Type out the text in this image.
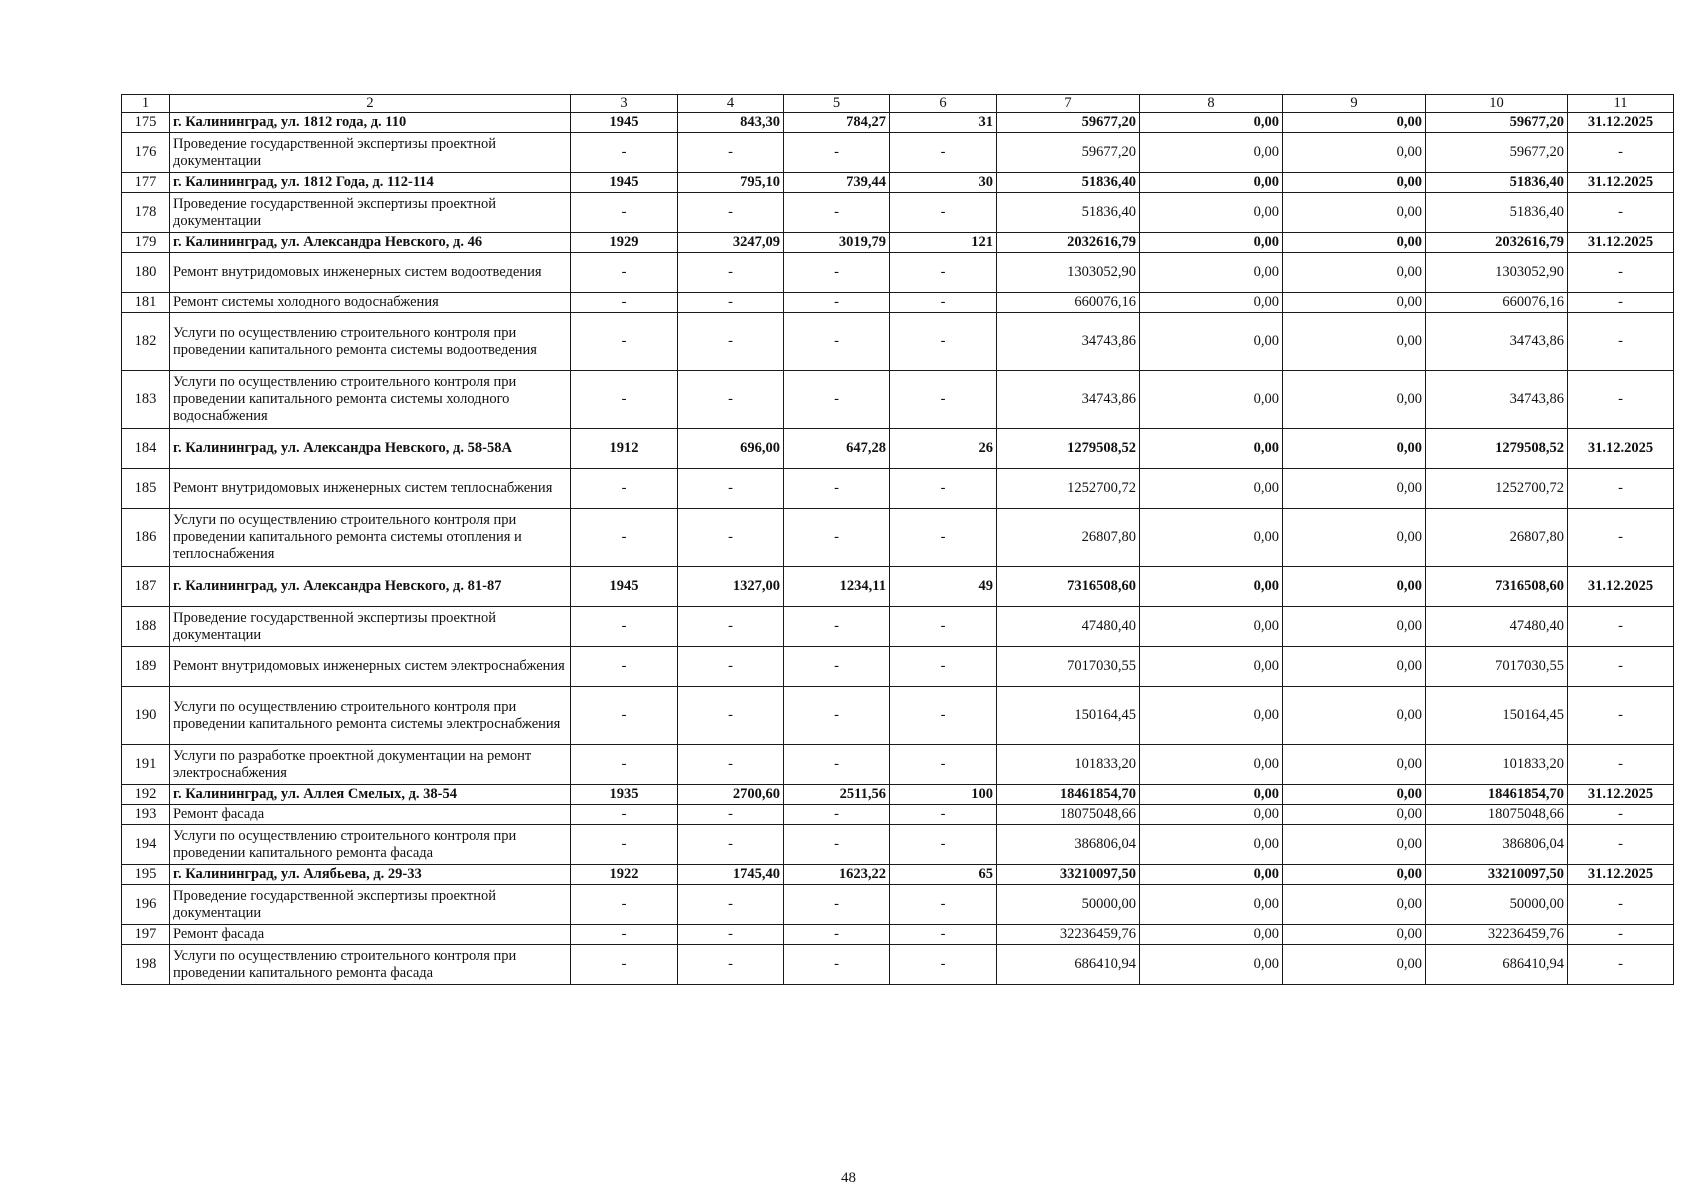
1	2	3	4	5	6	7	8	9	10	11
175	г. Калининград, ул. 1812 года, д. 110	1945	843,30	784,27	31	59677,20	0,00	0,00	59677,20	31.12.2025
176	Проведение государственной экспертизы проектной документации	-	-	-	-	59677,20	0,00	0,00	59677,20	-
177	г. Калининград, ул. 1812 Года, д. 112-114	1945	795,10	739,44	30	51836,40	0,00	0,00	51836,40	31.12.2025
178	Проведение государственной экспертизы проектной документации	-	-	-	-	51836,40	0,00	0,00	51836,40	-
179	г. Калининград, ул. Александра Невского, д. 46	1929	3247,09	3019,79	121	2032616,79	0,00	0,00	2032616,79	31.12.2025
180	Ремонт внутридомовых инженерных систем водоотведения	-	-	-	-	1303052,90	0,00	0,00	1303052,90	-
181	Ремонт системы холодного водоснабжения	-	-	-	-	660076,16	0,00	0,00	660076,16	-
182	Услуги по осуществлению строительного контроля при проведении капитального ремонта системы водоотведения	-	-	-	-	34743,86	0,00	0,00	34743,86	-
183	Услуги по осуществлению строительного контроля при проведении капитального ремонта системы холодного водоснабжения	-	-	-	-	34743,86	0,00	0,00	34743,86	-
184	г. Калининград, ул. Александра Невского, д. 58-58А	1912	696,00	647,28	26	1279508,52	0,00	0,00	1279508,52	31.12.2025
185	Ремонт внутридомовых инженерных систем теплоснабжения	-	-	-	-	1252700,72	0,00	0,00	1252700,72	-
186	Услуги по осуществлению строительного контроля при проведении капитального ремонта системы отопления и теплоснабжения	-	-	-	-	26807,80	0,00	0,00	26807,80	-
187	г. Калининград, ул. Александра Невского, д. 81-87	1945	1327,00	1234,11	49	7316508,60	0,00	0,00	7316508,60	31.12.2025
188	Проведение государственной экспертизы проектной документации	-	-	-	-	47480,40	0,00	0,00	47480,40	-
189	Ремонт внутридомовых инженерных систем электроснабжения	-	-	-	-	7017030,55	0,00	0,00	7017030,55	-
190	Услуги по осуществлению строительного контроля при проведении капитального ремонта системы электроснабжения	-	-	-	-	150164,45	0,00	0,00	150164,45	-
191	Услуги по разработке проектной документации на ремонт электроснабжения	-	-	-	-	101833,20	0,00	0,00	101833,20	-
192	г. Калининград, ул. Аллея Смелых, д. 38-54	1935	2700,60	2511,56	100	18461854,70	0,00	0,00	18461854,70	31.12.2025
193	Ремонт фасада	-	-	-	-	18075048,66	0,00	0,00	18075048,66	-
194	Услуги по осуществлению строительного контроля при проведении капитального ремонта фасада	-	-	-	-	386806,04	0,00	0,00	386806,04	-
195	г. Калининград, ул. Алябьева, д. 29-33	1922	1745,40	1623,22	65	33210097,50	0,00	0,00	33210097,50	31.12.2025
196	Проведение государственной экспертизы проектной документации	-	-	-	-	50000,00	0,00	0,00	50000,00	-
197	Ремонт фасада	-	-	-	-	32236459,76	0,00	0,00	32236459,76	-
198	Услуги по осуществлению строительного контроля при проведении капитального ремонта фасада	-	-	-	-	686410,94	0,00	0,00	686410,94	-
48
